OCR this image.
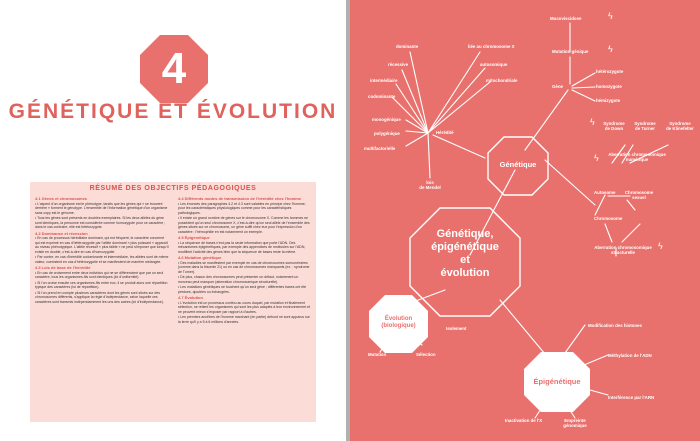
4
GÉNÉTIQUE ET ÉVOLUTION
RÉSUMÉ DES OBJECTIFS PÉDAGOGIQUES
4.1 Gènes et chromosomes

• L'aspect d'un organisme est le phénotype, tandis que les gènes qui « se trouvent derrière » forment le génotype. L'ensemble de l'information génétique d'un organisme sans copy est le génome.

• Tous les gènes sont présents en doubles exemplaires. Si les deux allèles du gène sont identiques, la personne est considérée comme homozygote pour ce caractère ; dans le cas contraire, elle est hétérozygote.

4.2 Dominance et récession

• En cas de processus héréditaire dominant, qui est fréquent, le caractère concerné qui est exprimé en cas d'hétérozygotie par l'allèle dominant « plus puissant » apparaît au niveau phénotypique. L'allèle récessif « plus faible » ne peut s'imposer que lorsqu'il existe en double, c'est-à-dire en cas d'homozygotie.

• Par contre, en cas d'hérédité codominante et intermédiaire, les allèles sont de même valeur, coexistent en cas d'hétérozygotie et se manifestent de manière mélangée.

4.3 Lois de base de l'hérédité

• En cas de croisement entre deux individus qui ne se différencient que par un seul caractère, tous les organismes-fils sont identiques (loi d'uniformité).

• Si l'on croise ensuite ces organismes-fils entre eux, il se produit alors une répartition typique des caractères (loi de répartition).

• Si l'on prend en compte plusieurs caractères dont les gènes sont situés sur des chromosomes différents, s'applique la règle d'indépendance, selon laquelle ces caractères sont transmis indépendamment les uns des autres (loi d'indépendance).

4.4 Différents modes de transmission de l'hérédité chez l'homme

• Les énoncés des paragraphes 4.2 et 4.3 sont valables en principe chez l'homme, pour les caractéristiques physiologiques comme pour les caractéristiques pathologiques.

• Il existe un grand nombre de gènes sur le chromosome X. Comme les hommes ne possèdent qu'un seul chromosome X, c'est-à-dire qu'un seul allèle de l'ensemble des gènes situés sur ce chromosome, un gène suffit chez eux pour l'expression d'un caractère ; l'hémophilie en est notamment un exemple.

4.5 Épigénétique

• La séquence de bases n'est pas la seule information que porte l'ADN. Des mécanismes épigénétiques, par exemple des appendices de molécules sur l'ADN, modifient l'activité des gènes bien que la séquence de bases reste la même.

4.6 Mutation génétique

• Des maladies se manifestent par exemple en cas de chromosomes surnuméraires (comme dans la trisomie 21) ou en cas de chromosomes manquants (ex. : syndrome de Turner).

• De plus, chacun des chromosomes peut présenter un défaut, notamment un morceau peut manquer (aberration chromosomique structurelle).

• Les mutations génétiques ne touchent qu'un seul gène ; différentes bases ont été perdues, ajoutées ou échangées.

4.7 Évolution

• L'évolution est un processus continu au cours duquel, par mutation et finalement sélection, ne retient les organismes qui sont les plus adaptés à leur environnement et ne peuvent mieux s'imposer par rapport à d'autres.

• Les premiers ancêtres de l'homme marchant (en partie) debout ne sont apparus sur la terre qu'il y a 5 à 6 millions d'années.

Génétique,
épigénétique
et
évolution
Génétique
Évolution
(biologique)
Épigénétique
Hérédité
dominante
récessive
intermédiaire
codominante
monogénique
polygénique
multifactorielle
liée au chromosome X
autosomique
mitochondriale
lois
de Mendel
Gène
Mucoviscidose
Mutation génique
hétérozygote
homozygote
hémizygote
ϟ
ϟ
Syndrome
de Down
Syndrome
de Turner
Syndrome
de Klinefelter
ϟ
Aberration chromosomique
numérique
ϟ
Autosome	Chromosome
sexuel
Chromosome
Aberration chromosomique
structurelle
ϟ
Isolement
Mutation	Sélection
Modification des histones
Méthylation de l'ADN
Interférence par l'ARN
Inactivation de l'X	Empreinte
génomique
